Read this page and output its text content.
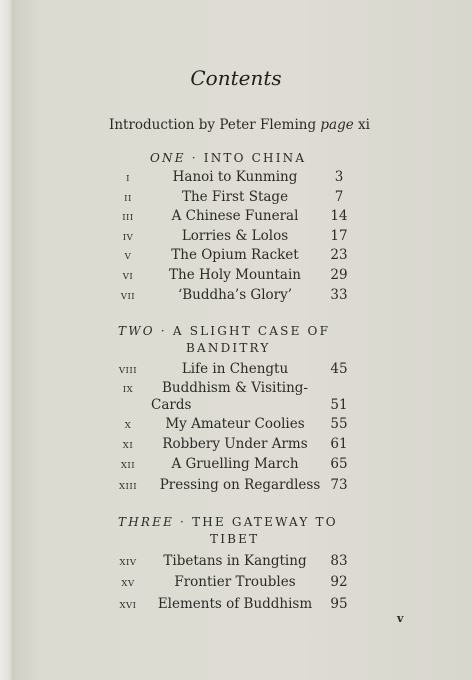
Contents
Introduction by Peter Fleming page xi
ONE · INTO CHINA
I	Hanoi to Kunming	3
II	The First Stage	7
III	A Chinese Funeral	14
IV	Lorries & Lolos	17
V	The Opium Racket	23
VI	The Holy Mountain	29
VII	‘Buddha’s Glory’	33
TWO · A SLIGHT CASE OF
BANDITRY
VIII	Life in Chengtu	45
IX	Buddhism & Visiting-
Cards	51
X	My Amateur Coolies	55
XI	Robbery Under Arms	61
XII	A Gruelling March	65
XIII	Pressing on Regardless 73
THREE · THE GATEWAY TO
TIBET
XIV	Tibetans in Kangting	83
XV	Frontier Troubles	92
XVI	Elements of Buddhism	95
v
